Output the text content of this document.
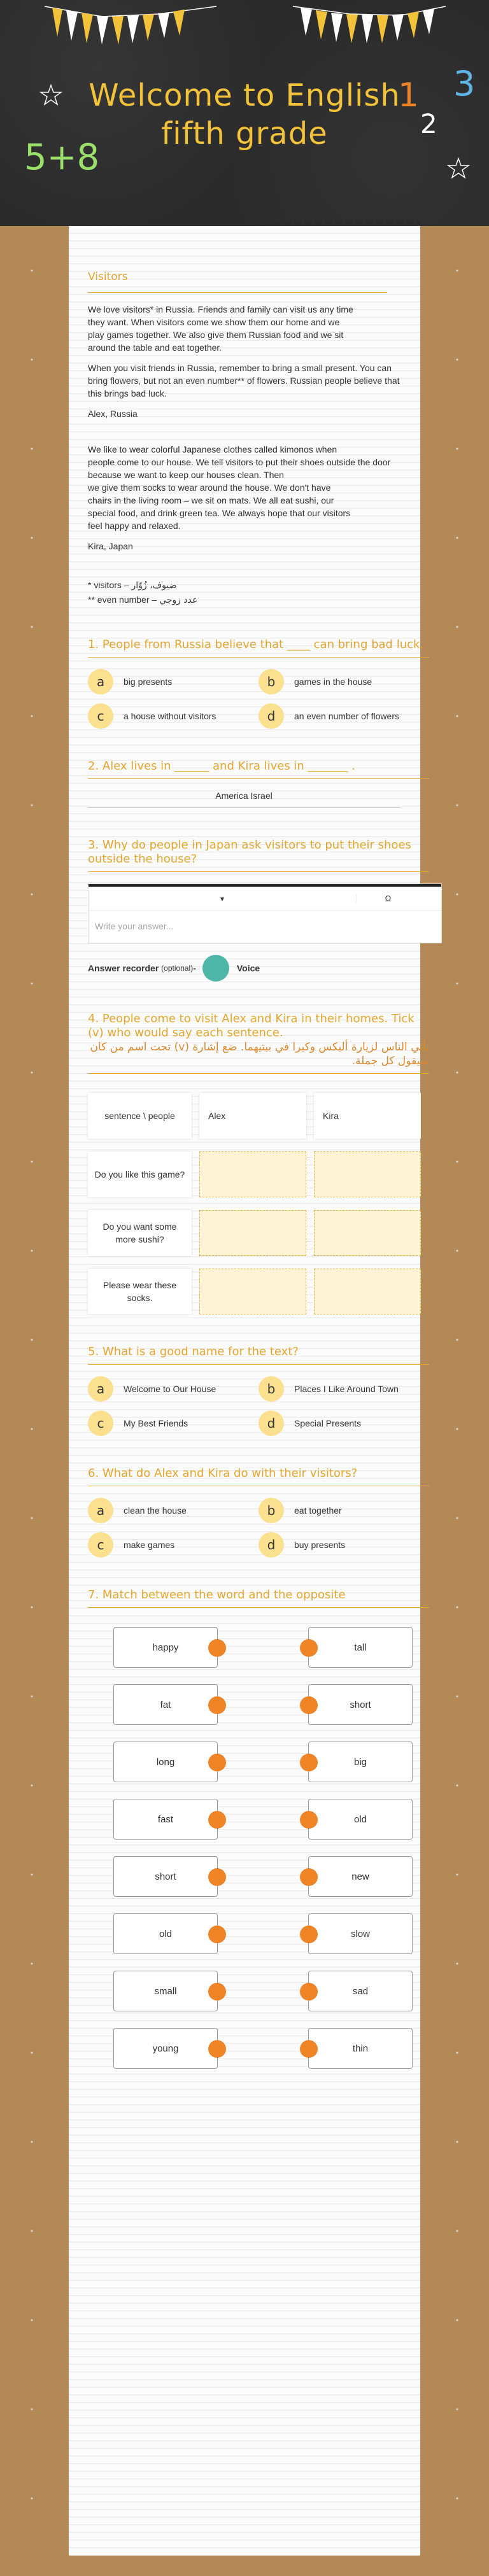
5+8
1
2
3
Welcome to English
fifth grade
Visitors

We love visitors* in Russia. Friends and family can visit us any time
they want. When visitors come we show them our home and we
play games together. We also give them Russian food and we sit
around the table and eat together.

When you visit friends in Russia, remember to bring a small present. You can bring flowers, but not an even number** of flowers. Russian people believe that this brings bad luck.

Alex, Russia

We like to wear colorful Japanese clothes called kimonos when
people come to our house. We tell visitors to put their shoes outside the door because we want to keep our houses clean. Then
we give them socks to wear around the house. We don't have
chairs in the living room – we sit on mats. We all eat sushi, our
special food, and drink green tea. We always hope that our visitors
feel happy and relaxed.

Kira, Japan

* visitors – ضيوف، زُوّار
** even number – عدد زوجي
1. People from Russia believe that ____ can bring bad luck.
a	big presents	b	games in the house
c	a house without visitors	d	an even number of flowers
2. Alex lives in ______ and Kira lives in _______ .
America Israel
3. Why do people in Japan ask visitors to put their shoes outside the house?
▾	Ω
Write your answer...
Answer recorder
(optional) -	Voice
4. People come to visit Alex and Kira in their homes. Tick (v) who would say each sentence.
يأتي الناس لزيارة أليكس وكيرا في بيتيهما. ضع إشارة (v) تحت اسم من كان سيقول كل جملة.
sentence \ people	Alex	Kira
Do you like this game?
Do you want some more sushi?
Please wear these socks.
5. What is a good name for the text?
a	Welcome to Our House	b	Places I Like Around Town
c	My Best Friends	d	Special Presents
6. What do Alex and Kira do with their visitors?
a	clean the house	b	eat together
c	make games	d	buy presents
7. Match between the word and the opposite
happy	tall
fat	short
long	big
fast	old
short	new
old	slow
small	sad
young	thin
